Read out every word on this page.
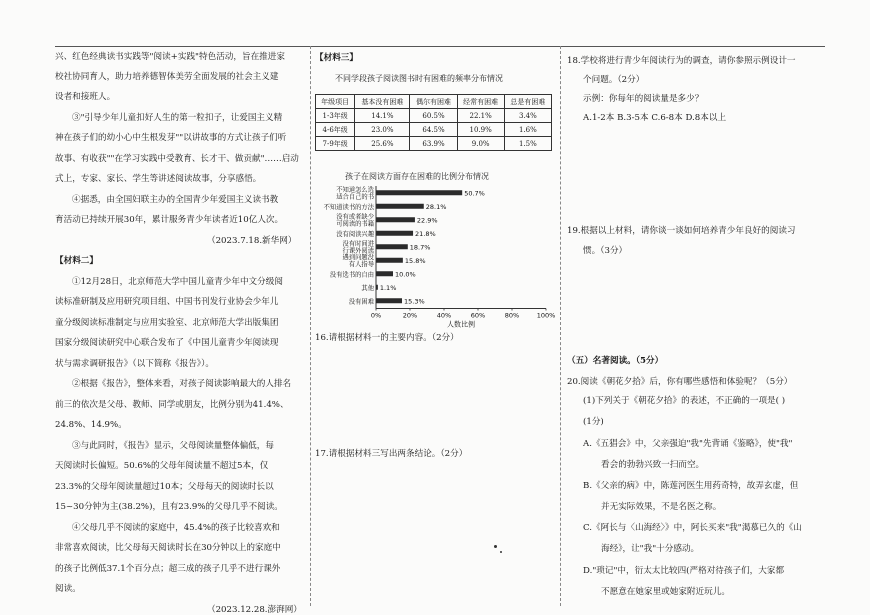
兴、红色经典读书实践等"阅读+实践"特色活动，旨在推进家
校社协同育人，助力培养德智体美劳全面发展的社会主义建
设者和接班人。
③"引导少年儿童扣好人生的第一粒扣子，让爱国主义精
神在孩子们的幼小心中生根发芽""以讲故事的方式让孩子们听
故事、有收获""在学习实践中受教育、长才干、做贡献"……启动
式上，专家、家长、学生等讲述阅读故事，分享感悟。
④据悉，由全国妇联主办的全国青少年爱国主义读书教
育活动已持续开展30年，累计服务青少年读者近10亿人次。
（2023.7.18.新华网）
【材料二】
①12月28日，北京师范大学中国儿童青少年中文分级阅
读标准研制及应用研究项目组、中国书刊发行业协会少年儿
童分级阅读标准制定与应用实验室、北京师范大学出版集团
国家分级阅读研究中心联合发布了《中国儿童青少年阅读现
状与需求调研报告》（以下简称《报告》）。
②根据《报告》，整体来看，对孩子阅读影响最大的人排名
前三的依次是父母、教师、同学或朋友，比例分别为41.4%、
24.8%、14.9%。
③与此同时，《报告》显示，父母阅读量整体偏低，每
天阅读时长偏短。50.6%的父母年阅读量不超过5本，仅
23.3%的父母年阅读量超过10本；父母每天的阅读时长以
15~30分钟为主(38.2%)，且有23.9%的父母几乎不阅读。
④父母几乎不阅读的家庭中，45.4%的孩子比较喜欢和
非常喜欢阅读，比父母每天阅读时长在30分钟以上的家庭中
的孩子比例低37.1个百分点；超三成的孩子几乎不进行课外
阅读。
（2023.12.28.澎湃网）
【材料三】
不同学段孩子阅读图书时有困难的频率分布情况
年级项目	基本没有困难	偶尔有困难	经常有困难	总是有困难
1-3年级	14.1%	60.5%	22.1%	3.4%
4-6年级	23.0%	64.5%	10.9%	1.6%
7-9年级	25.6%	63.9%	9.0%	1.5%
孩子在阅读方面存在困难的比例分布情况
50.7%
不知道怎么选
适合自己的书
28.1%
不知道读书的方法
22.9%
没有或者缺少
可阅读的书籍
21.8%
没有阅读兴趣
18.7%
没有时间进
行课外阅读
15.8%
遇到问题没
有人指导
10.0%
没有选书的自由
1.1%
其他
15.3%
没有困难
0%	20%	40%	60%	80%	100%
人数比例
16.请根据材料一的主要内容。（2分）
17.请根据材料三写出两条结论。（2分）
18.学校将进行青少年阅读行为的调查，请你参照示例设计一
个问题。（2分）
示例：你每年的阅读量是多少？
A.1-2本 B.3-5本 C.6-8本 D.8本以上
19.根据以上材料，请你谈一谈如何培养青少年良好的阅读习
惯。（3分）
（五）名著阅读。（5分）
20.阅读《朝花夕拾》后，你有哪些感悟和体验呢？（5分）
(1)下列关于《朝花夕拾》的表述，不正确的一项是( )
(1分)
A.《五猖会》中，父亲强迫"我"先背诵《鉴略》，使"我"
看会的勃勃兴致一扫而空。
B.《父亲的病》中，陈莲河医生用药奇特，故弄玄虚，但
并无实际效果，不是名医之称。
C.《阿长与〈山海经〉》中，阿长买来"我"渴慕已久的《山
海经》，让"我"十分感动。
D."琐记"中，衍太太比较四(严格对待孩子们，大家都
不愿意在她家里或她家附近玩儿。
